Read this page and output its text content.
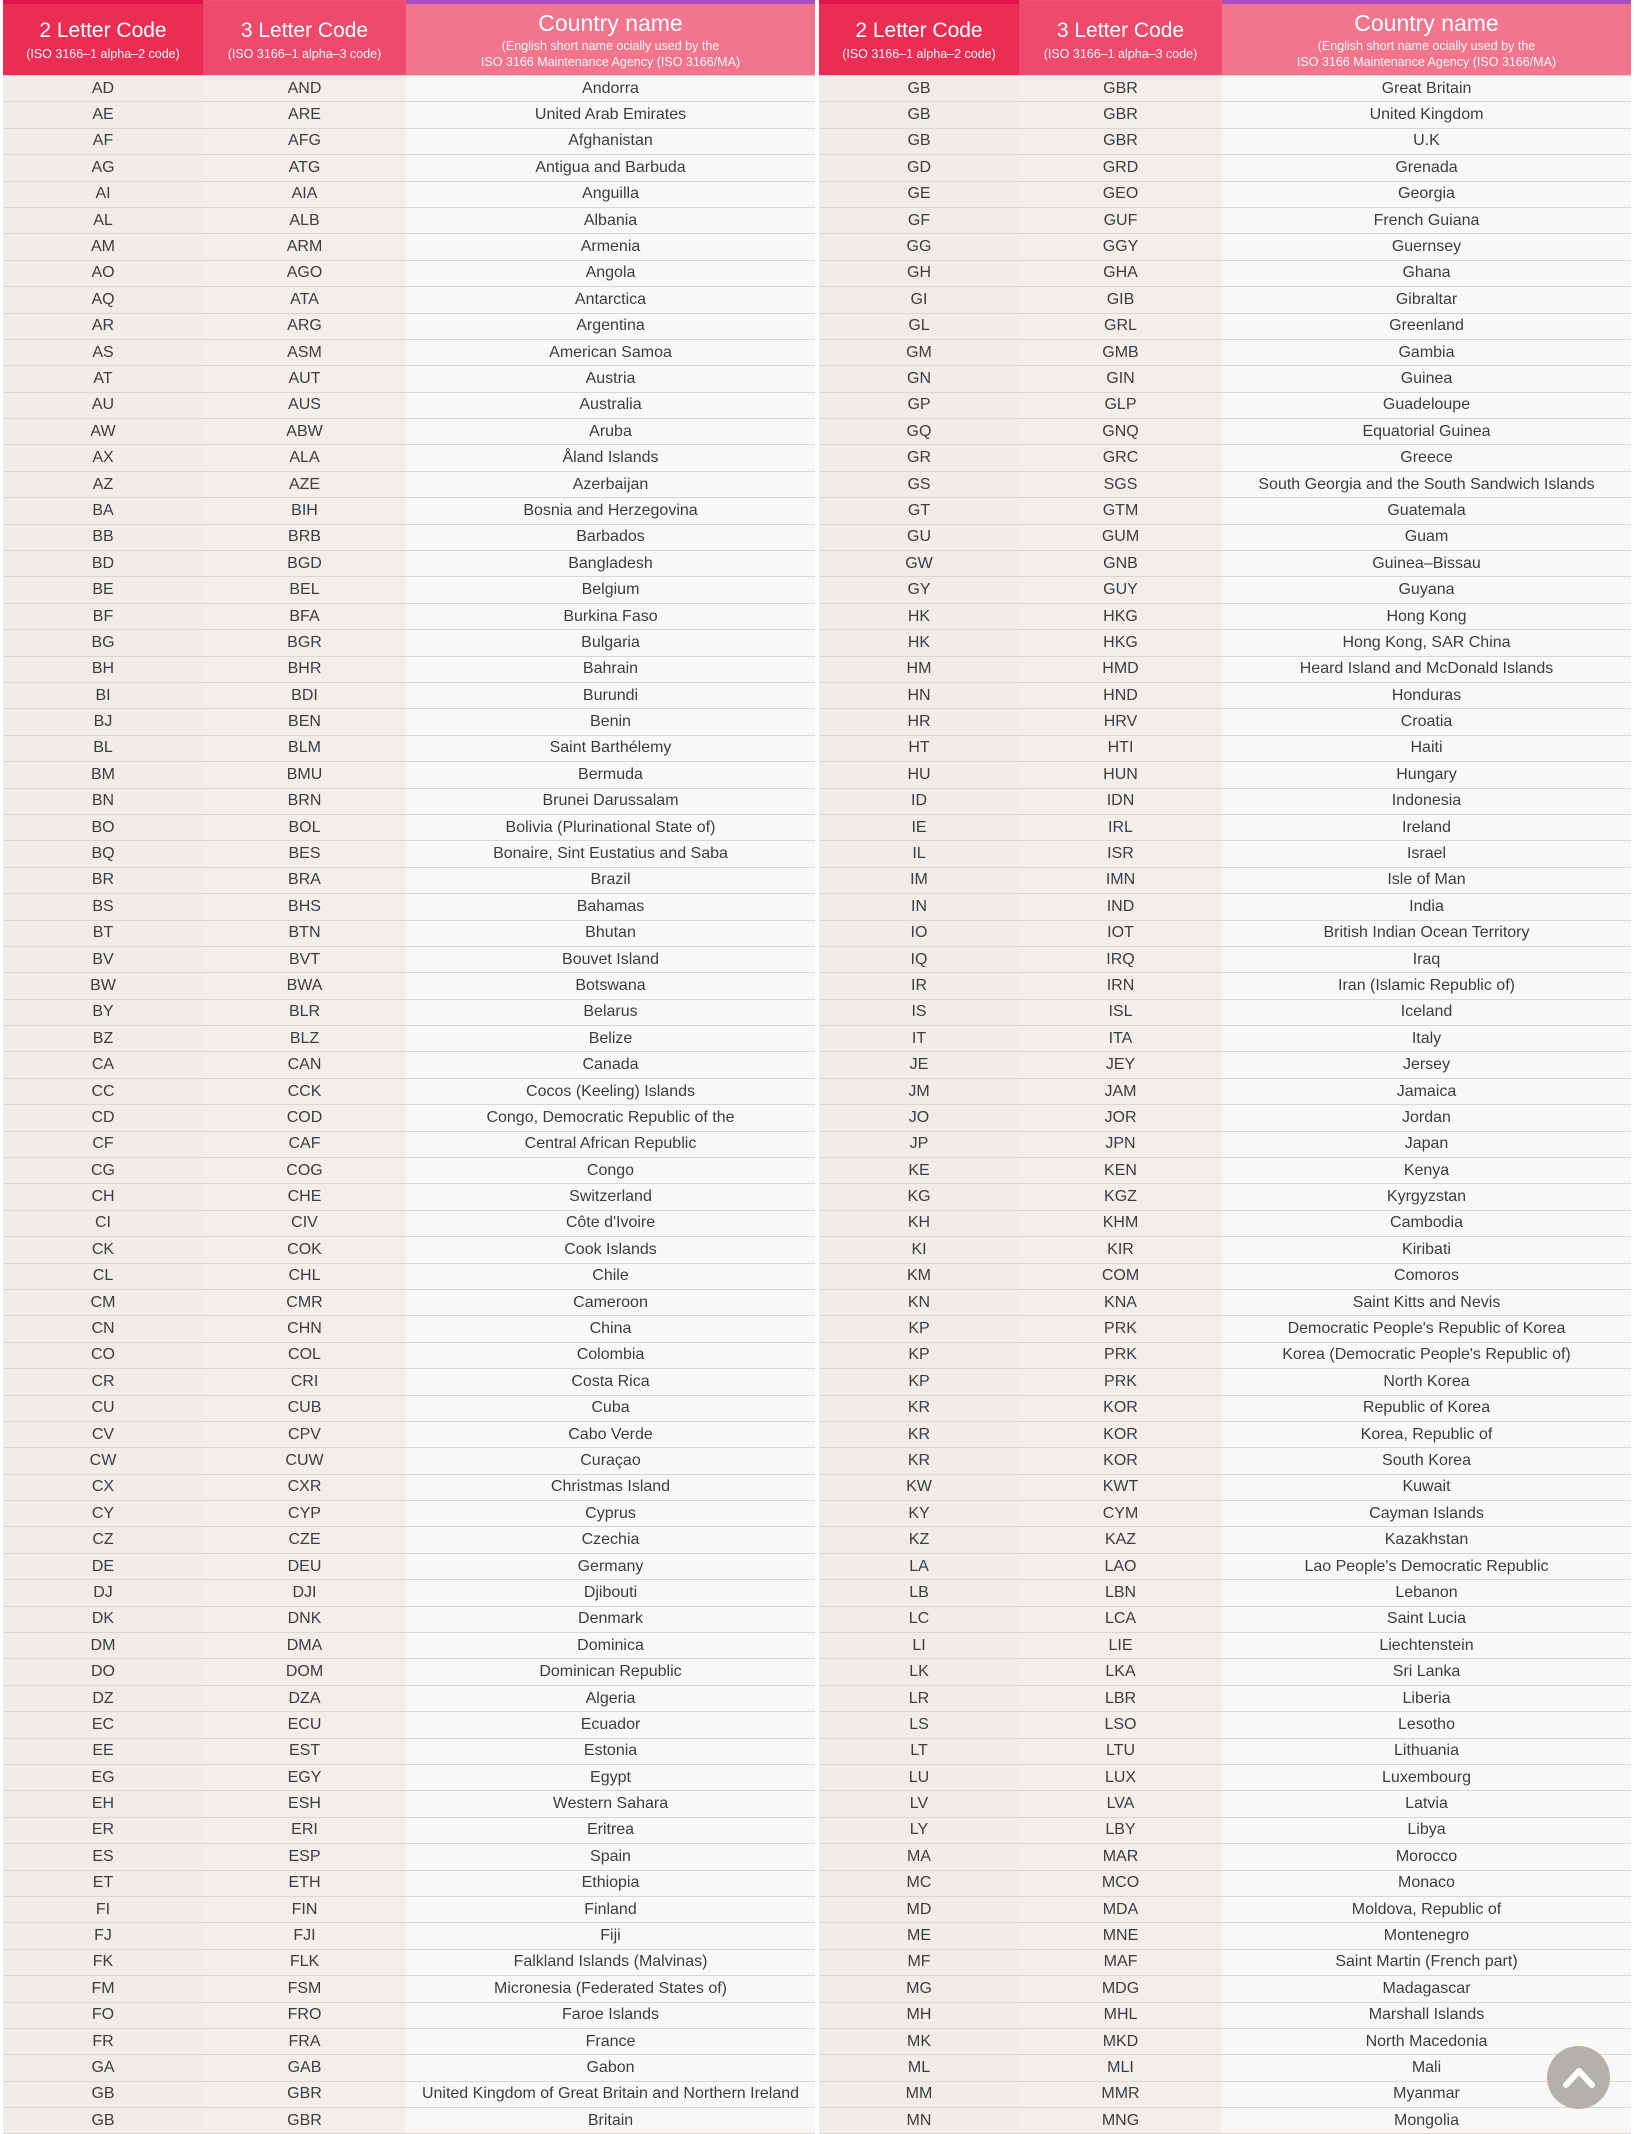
2 Letter Code
(ISO 3166–1 alpha–2 code)
3 Letter Code
(ISO 3166–1 alpha–3 code)
Country name
(English short name ocially used by the
ISO 3166 Maintenance Agency (ISO 3166/MA)
AD	AND	Andorra
AE	ARE	United Arab Emirates
AF	AFG	Afghanistan
AG	ATG	Antigua and Barbuda
AI	AIA	Anguilla
AL	ALB	Albania
AM	ARM	Armenia
AO	AGO	Angola
AQ	ATA	Antarctica
AR	ARG	Argentina
AS	ASM	American Samoa
AT	AUT	Austria
AU	AUS	Australia
AW	ABW	Aruba
AX	ALA	Åland Islands
AZ	AZE	Azerbaijan
BA	BIH	Bosnia and Herzegovina
BB	BRB	Barbados
BD	BGD	Bangladesh
BE	BEL	Belgium
BF	BFA	Burkina Faso
BG	BGR	Bulgaria
BH	BHR	Bahrain
BI	BDI	Burundi
BJ	BEN	Benin
BL	BLM	Saint Barthélemy
BM	BMU	Bermuda
BN	BRN	Brunei Darussalam
BO	BOL	Bolivia (Plurinational State of)
BQ	BES	Bonaire, Sint Eustatius and Saba
BR	BRA	Brazil
BS	BHS	Bahamas
BT	BTN	Bhutan
BV	BVT	Bouvet Island
BW	BWA	Botswana
BY	BLR	Belarus
BZ	BLZ	Belize
CA	CAN	Canada
CC	CCK	Cocos (Keeling) Islands
CD	COD	Congo, Democratic Republic of the
CF	CAF	Central African Republic
CG	COG	Congo
CH	CHE	Switzerland
CI	CIV	Côte d'Ivoire
CK	COK	Cook Islands
CL	CHL	Chile
CM	CMR	Cameroon
CN	CHN	China
CO	COL	Colombia
CR	CRI	Costa Rica
CU	CUB	Cuba
CV	CPV	Cabo Verde
CW	CUW	Curaçao
CX	CXR	Christmas Island
CY	CYP	Cyprus
CZ	CZE	Czechia
DE	DEU	Germany
DJ	DJI	Djibouti
DK	DNK	Denmark
DM	DMA	Dominica
DO	DOM	Dominican Republic
DZ	DZA	Algeria
EC	ECU	Ecuador
EE	EST	Estonia
EG	EGY	Egypt
EH	ESH	Western Sahara
ER	ERI	Eritrea
ES	ESP	Spain
ET	ETH	Ethiopia
FI	FIN	Finland
FJ	FJI	Fiji
FK	FLK	Falkland Islands (Malvinas)
FM	FSM	Micronesia (Federated States of)
FO	FRO	Faroe Islands
FR	FRA	France
GA	GAB	Gabon
GB	GBR	United Kingdom of Great Britain and Northern Ireland
GB	GBR	Britain
2 Letter Code
(ISO 3166–1 alpha–2 code)
3 Letter Code
(ISO 3166–1 alpha–3 code)
Country name
(English short name ocially used by the
ISO 3166 Maintenance Agency (ISO 3166/MA)
GB	GBR	Great Britain
GB	GBR	United Kingdom
GB	GBR	U.K
GD	GRD	Grenada
GE	GEO	Georgia
GF	GUF	French Guiana
GG	GGY	Guernsey
GH	GHA	Ghana
GI	GIB	Gibraltar
GL	GRL	Greenland
GM	GMB	Gambia
GN	GIN	Guinea
GP	GLP	Guadeloupe
GQ	GNQ	Equatorial Guinea
GR	GRC	Greece
GS	SGS	South Georgia and the South Sandwich Islands
GT	GTM	Guatemala
GU	GUM	Guam
GW	GNB	Guinea–Bissau
GY	GUY	Guyana
HK	HKG	Hong Kong
HK	HKG	Hong Kong, SAR China
HM	HMD	Heard Island and McDonald Islands
HN	HND	Honduras
HR	HRV	Croatia
HT	HTI	Haiti
HU	HUN	Hungary
ID	IDN	Indonesia
IE	IRL	Ireland
IL	ISR	Israel
IM	IMN	Isle of Man
IN	IND	India
IO	IOT	British Indian Ocean Territory
IQ	IRQ	Iraq
IR	IRN	Iran (Islamic Republic of)
IS	ISL	Iceland
IT	ITA	Italy
JE	JEY	Jersey
JM	JAM	Jamaica
JO	JOR	Jordan
JP	JPN	Japan
KE	KEN	Kenya
KG	KGZ	Kyrgyzstan
KH	KHM	Cambodia
KI	KIR	Kiribati
KM	COM	Comoros
KN	KNA	Saint Kitts and Nevis
KP	PRK	Democratic People's Republic of Korea
KP	PRK	Korea (Democratic People's Republic of)
KP	PRK	North Korea
KR	KOR	Republic of Korea
KR	KOR	Korea, Republic of
KR	KOR	South Korea
KW	KWT	Kuwait
KY	CYM	Cayman Islands
KZ	KAZ	Kazakhstan
LA	LAO	Lao People's Democratic Republic
LB	LBN	Lebanon
LC	LCA	Saint Lucia
LI	LIE	Liechtenstein
LK	LKA	Sri Lanka
LR	LBR	Liberia
LS	LSO	Lesotho
LT	LTU	Lithuania
LU	LUX	Luxembourg
LV	LVA	Latvia
LY	LBY	Libya
MA	MAR	Morocco
MC	MCO	Monaco
MD	MDA	Moldova, Republic of
ME	MNE	Montenegro
MF	MAF	Saint Martin (French part)
MG	MDG	Madagascar
MH	MHL	Marshall Islands
MK	MKD	North Macedonia
ML	MLI	Mali
MM	MMR	Myanmar
MN	MNG	Mongolia
